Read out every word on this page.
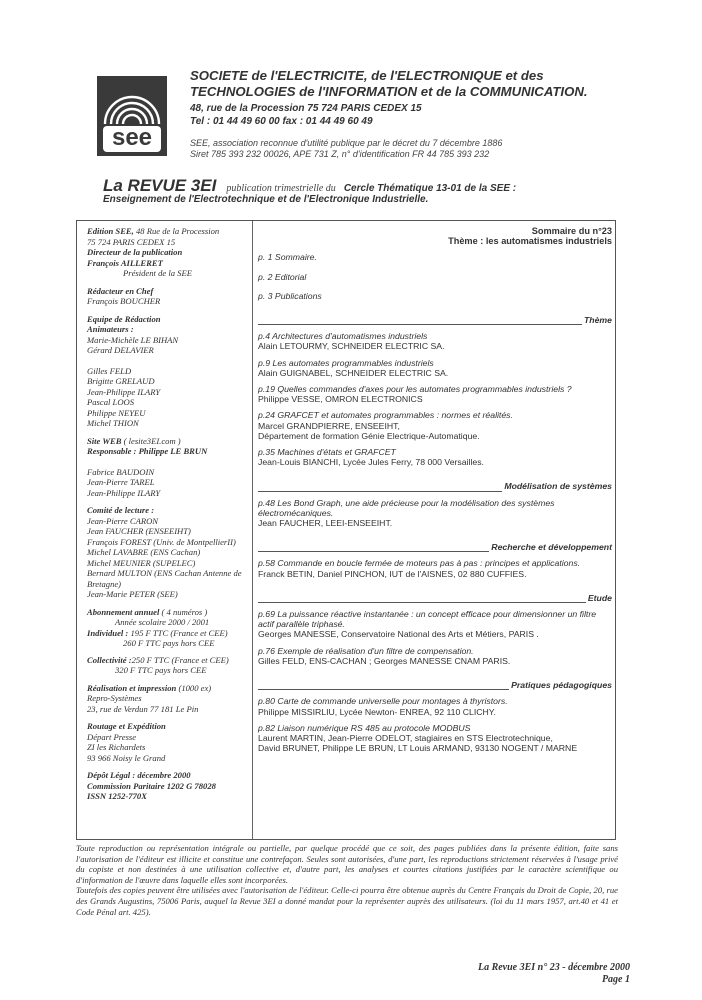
see
SOCIETE de l'ELECTRICITE, de l'ELECTRONIQUE et des
TECHNOLOGIES de l'INFORMATION et de la COMMUNICATION.
48, rue de la Procession 75 724 PARIS CEDEX 15
Tel : 01 44 49 60 00 fax : 01 44 49 60 49
SEE, association reconnue d'utilité publique par le décret du 7 décembre 1886
Siret 785 393 232 00026, APE 731 Z, n° d'identification FR 44 785 393 232
La REVUE 3EI publication trimestrielle du Cercle Thématique 13-01 de la SEE :
Enseignement de l'Electrotechnique et de l'Electronique Industrielle.
Edition SEE, 48 Rue de la Procession
75 724 PARIS CEDEX 15
Directeur de la publication
François AILLERET
Président de la SEE
Rédacteur en Chef
François BOUCHER
Equipe de Rédaction
Animateurs :
Marie-Michèle LE BIHAN
Gérard DELAVIER
Gilles FELD
Brigitte GRELAUD
Jean-Philippe ILARY
Pascal LOOS
Philippe NEYEU
Michel THION
Site WEB ( lesite3EI.com )
Responsable : Philippe LE BRUN
Fabrice BAUDOIN
Jean-Pierre TAREL
Jean-Philippe ILARY
Comité de lecture :
Jean-Pierre CARON
Jean FAUCHER (ENSEEIHT)
François FOREST (Univ. de MontpellierII)
Michel LAVABRE (ENS Cachan)
Michel MEUNIER (SUPELEC)
Bernard MULTON (ENS Cachan Antenne de Bretagne)
Jean-Marie PETER (SEE)
Abonnement annuel ( 4 numéros )
Année scolaire 2000 / 2001
Individuel : 195 F TTC (France et CEE)
260 F TTC pays hors CEE
Collectivité :250 F TTC (France et CEE)
320 F TTC pays hors CEE
Réalisation et impression (1000 ex)
Repro-Systèmes
23, rue de Verdun 77 181 Le Pin
Routage et Expédition
Départ Presse
ZI les Richardets
93 966 Noisy le Grand
Dépôt Légal : décembre 2000
Commission Paritaire 1202 G 78028
ISSN 1252-770X
Sommaire du n°23
Thème : les automatismes industriels
p. 1 Sommaire.
p. 2 Editorial
p. 3 Publications
Thème
p.4 Architectures d'automatismes industriels
Alain LETOURMY, SCHNEIDER ELECTRIC SA.
p.9 Les automates programmables industriels
Alain GUIGNABEL, SCHNEIDER ELECTRIC SA.
p.19 Quelles commandes d'axes pour les automates programmables industriels ?
Philippe VESSE, OMRON ELECTRONICS
p.24 GRAFCET et automates programmables : normes et réalités.
Marcel GRANDPIERRE, ENSEEIHT,
Département de formation Génie Electrique-Automatique.
p.35 Machines d'états et GRAFCET
Jean-Louis BIANCHI, Lycée Jules Ferry, 78 000 Versailles.
Modélisation de systèmes
p.48 Les Bond Graph, une aide précieuse pour la modélisation des systèmes électromécaniques.
Jean FAUCHER, LEEI-ENSEEIHT.
Recherche et développement
p.58 Commande en boucle fermée de moteurs pas à pas : principes et applications.
Franck BETIN, Daniel PINCHON, IUT de l'AISNES, 02 880 CUFFIES.
Etude
p.69 La puissance réactive instantanée : un concept efficace pour dimensionner un filtre actif parallèle triphasé.
Georges MANESSE, Conservatoire National des Arts et Métiers, PARIS .
p.76 Exemple de réalisation d'un filtre de compensation.
Gilles FELD, ENS-CACHAN ; Georges MANESSE CNAM PARIS.
Pratiques pédagogiques
p.80 Carte de commande universelle pour montages à thyristors.
Philippe MISSIRLIU, Lycée Newton- ENREA, 92 110 CLICHY.
p.82 Liaison numérique RS 485 au protocole MODBUS
Laurent MARTIN, Jean-Pierre ODELOT, stagiaires en STS Electrotechnique,
David BRUNET, Philippe LE BRUN, LT Louis ARMAND, 93130 NOGENT / MARNE
Toute reproduction ou représentation intégrale ou partielle, par quelque procédé que ce soit, des pages publiées dans la présente édition, faite sans l'autorisation de l'éditeur est illicite et constitue une contrefaçon. Seules sont autorisées, d'une part, les reproductions strictement réservées à l'usage privé du copiste et non destinées à une utilisation collective et, d'autre part, les analyses et courtes citations justifiées par le caractère scientifique ou d'information de l'œuvre dans laquelle elles sont incorporées.
Toutefois des copies peuvent être utilisées avec l'autorisation de l'éditeur. Celle-ci pourra être obtenue auprès du Centre Français du Droit de Copie, 20, rue des Grands Augustins, 75006 Paris, auquel la Revue 3EI a donné mandat pour la représenter auprès des utilisateurs. (loi du 11 mars 1957, art.40 et 41 et Code Pénal art. 425).
La Revue 3EI n° 23 - décembre 2000
Page 1
